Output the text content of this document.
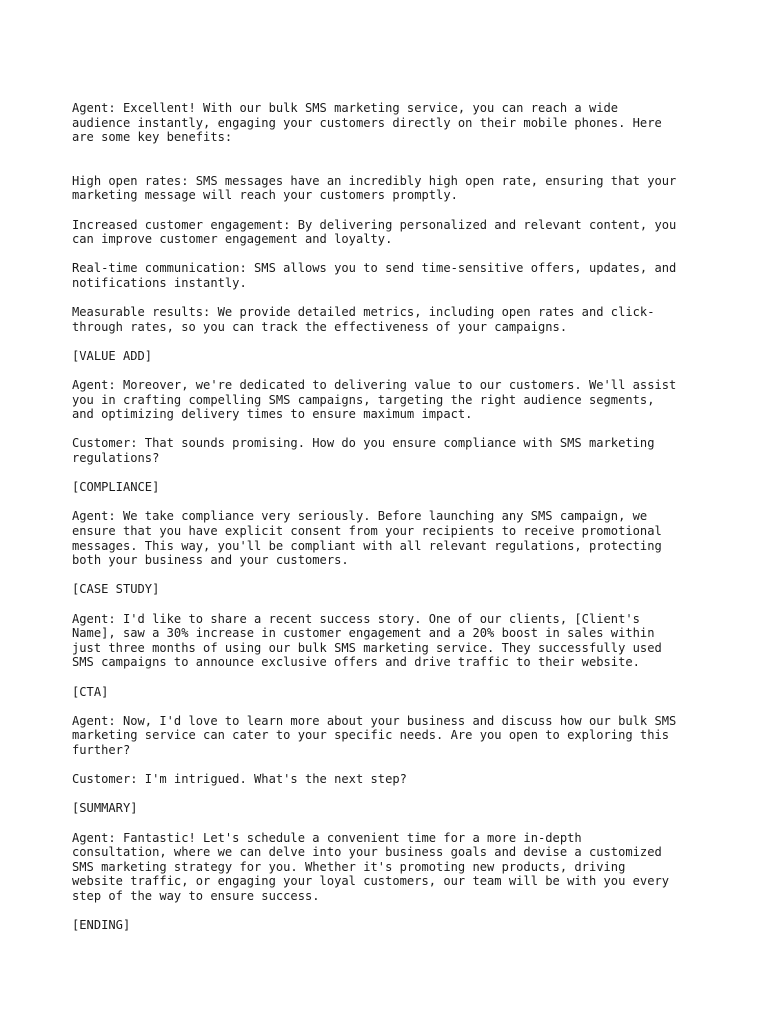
Agent: Excellent! With our bulk SMS marketing service, you can reach a wide
audience instantly, engaging your customers directly on their mobile phones. Here
are some key benefits:

High open rates: SMS messages have an incredibly high open rate, ensuring that your
marketing message will reach your customers promptly.

Increased customer engagement: By delivering personalized and relevant content, you
can improve customer engagement and loyalty.

Real-time communication: SMS allows you to send time-sensitive offers, updates, and
notifications instantly.

Measurable results: We provide detailed metrics, including open rates and click-
through rates, so you can track the effectiveness of your campaigns.

[VALUE ADD]

Agent: Moreover, we're dedicated to delivering value to our customers. We'll assist
you in crafting compelling SMS campaigns, targeting the right audience segments,
and optimizing delivery times to ensure maximum impact.

Customer: That sounds promising. How do you ensure compliance with SMS marketing
regulations?

[COMPLIANCE]

Agent: We take compliance very seriously. Before launching any SMS campaign, we
ensure that you have explicit consent from your recipients to receive promotional
messages. This way, you'll be compliant with all relevant regulations, protecting
both your business and your customers.

[CASE STUDY]

Agent: I'd like to share a recent success story. One of our clients, [Client's
Name], saw a 30% increase in customer engagement and a 20% boost in sales within
just three months of using our bulk SMS marketing service. They successfully used
SMS campaigns to announce exclusive offers and drive traffic to their website.

[CTA]

Agent: Now, I'd love to learn more about your business and discuss how our bulk SMS
marketing service can cater to your specific needs. Are you open to exploring this
further?

Customer: I'm intrigued. What's the next step?

[SUMMARY]

Agent: Fantastic! Let's schedule a convenient time for a more in-depth
consultation, where we can delve into your business goals and devise a customized
SMS marketing strategy for you. Whether it's promoting new products, driving
website traffic, or engaging your loyal customers, our team will be with you every
step of the way to ensure success.

[ENDING]
